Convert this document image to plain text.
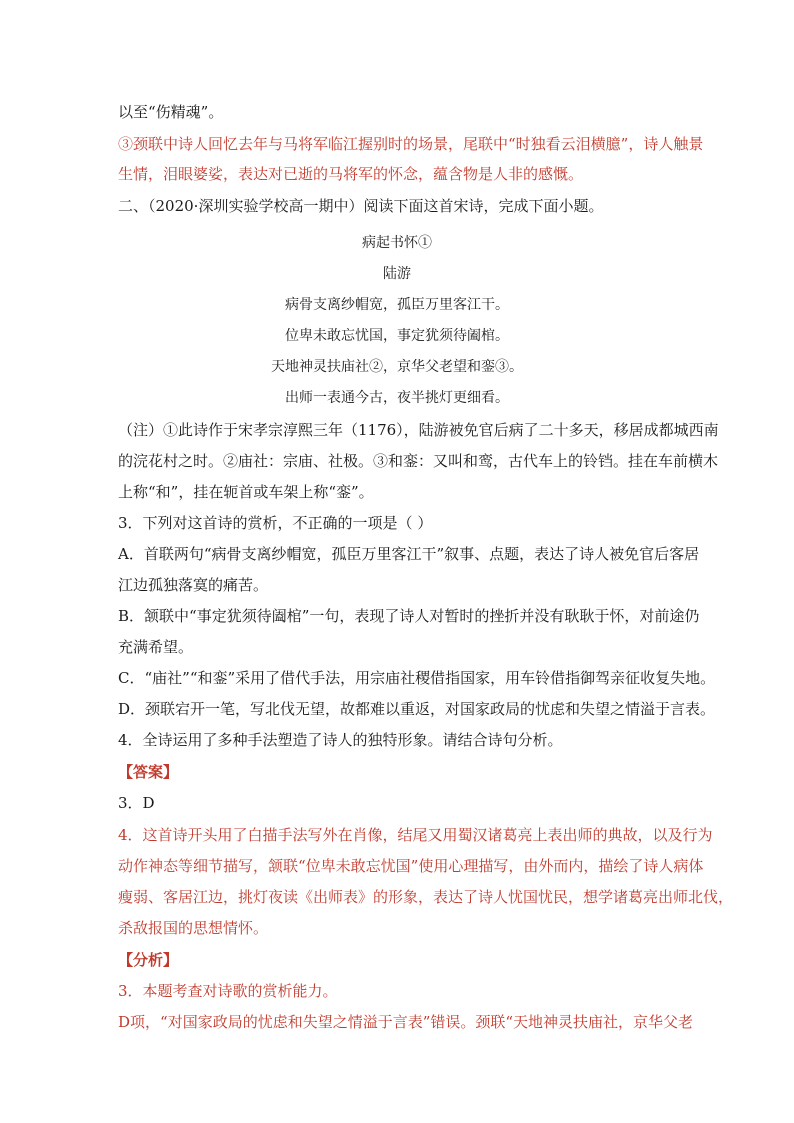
以至“伤精魂”。
③颈联中诗人回忆去年与马将军临江握别时的场景，尾联中“时独看云泪横臆”，诗人触景
生情，泪眼婆娑，表达对已逝的马将军的怀念，蕴含物是人非的感慨。
二、（2020·深圳实验学校高一期中）阅读下面这首宋诗，完成下面小题。
病起书怀①
陆游
病骨支离纱帽宽，孤臣万里客江干。
位卑未敢忘忧国，事定犹须待阖棺。
天地神灵扶庙社②，京华父老望和銮③。
出师一表通今古，夜半挑灯更细看。
（注）①此诗作于宋孝宗淳熙三年（1176），陆游被免官后病了二十多天，移居成都城西南
的浣花村之时。②庙社：宗庙、社极。③和銮：又叫和鸾，古代车上的铃铛。挂在车前横木
上称“和”，挂在轭首或车架上称“銮”。
3．下列对这首诗的赏析，不正确的一项是（ ）
A．首联两句“病骨支离纱帽宽，孤臣万里客江干”叙事、点题，表达了诗人被免官后客居
江边孤独落寞的痛苦。
B．颔联中“事定犹须待阖棺”一句，表现了诗人对暂时的挫折并没有耿耿于怀，对前途仍
充满希望。
C．“庙社”“和銮”采用了借代手法，用宗庙社稷借指国家，用车铃借指御驾亲征收复失地。
D．颈联宕开一笔，写北伐无望，故都难以重返，对国家政局的忧虑和失望之情溢于言表。
4．全诗运用了多种手法塑造了诗人的独特形象。请结合诗句分析。
【答案】
3．D
4．这首诗开头用了白描手法写外在肖像，结尾又用蜀汉诸葛亮上表出师的典故，以及行为
动作神态等细节描写，颔联“位卑未敢忘忧国”使用心理描写，由外而内，描绘了诗人病体
瘦弱、客居江边，挑灯夜读《出师表》的形象，表达了诗人忧国忧民，想学诸葛亮出师北伐，
杀敌报国的思想情怀。
【分析】
3．本题考查对诗歌的赏析能力。
D项，“对国家政局的忧虑和失望之情溢于言表”错误。颈联“天地神灵扶庙社，京华父老
